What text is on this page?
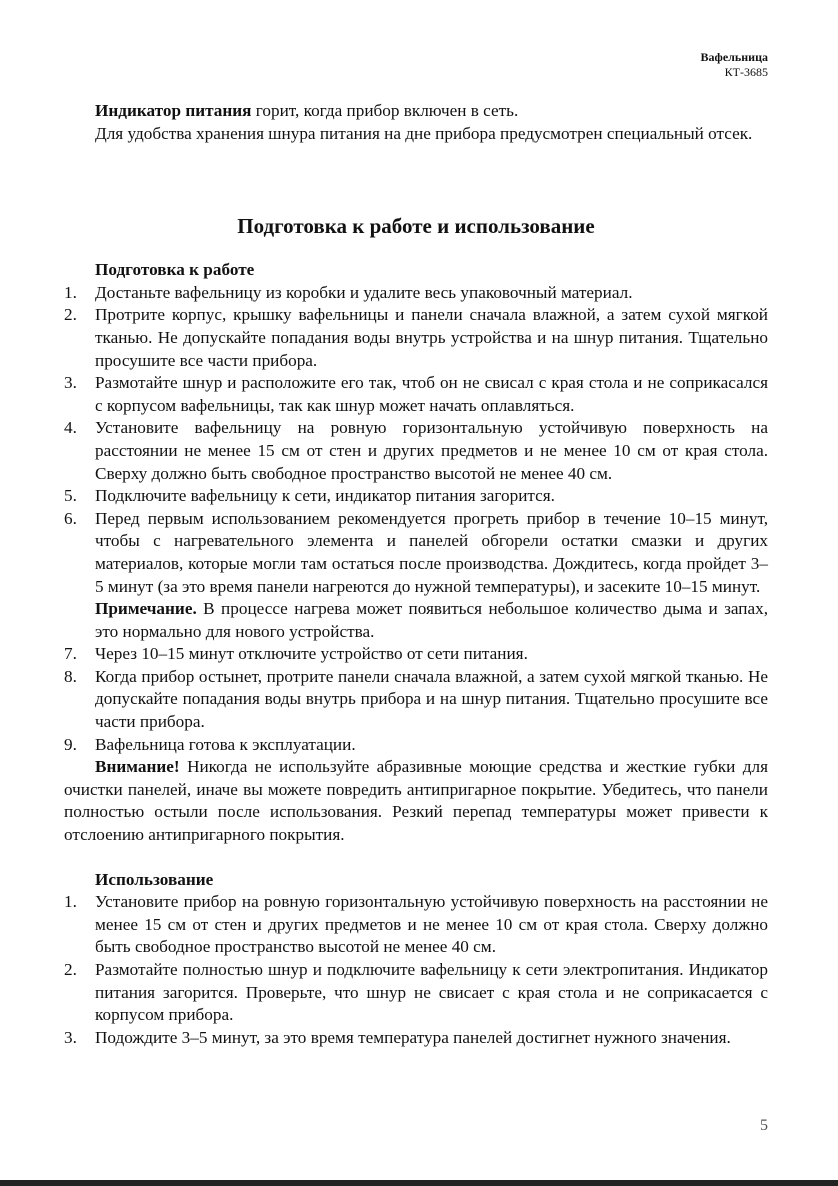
Вафельница
КТ-3685

Индикатор питания горит, когда прибор включен в сеть.

Для удобства хранения шнура питания на дне прибора предусмотрен специальный отсек.

Подготовка к работе и использование
Подготовка к работе
1. Достаньте вафельницу из коробки и удалите весь упаковочный материал.
2. Протрите корпус, крышку вафельницы и панели сначала влажной, а затем сухой мягкой тканью. Не допускайте попадания воды внутрь устройства и на шнур питания. Тщательно просушите все части прибора.
3. Размотайте шнур и расположите его так, чтоб он не свисал с края стола и не соприкасался с корпусом вафельницы, так как шнур может начать оплавляться.
4. Установите вафельницу на ровную горизонтальную устойчивую поверхность на расстоянии не менее 15 см от стен и других предметов и не менее 10 см от края стола. Сверху должно быть свободное пространство высотой не менее 40 см.
5. Подключите вафельницу к сети, индикатор питания загорится.
6. Перед первым использованием рекомендуется прогреть прибор в течение 10–15 минут, чтобы с нагревательного элемента и панелей обгорели остатки смазки и других материалов, которые могли там остаться после производства. Дождитесь, когда пройдет 3–5 минут (за это время панели нагреются до нужной температуры), и засеките 10–15 минут.

Примечание. В процессе нагрева может появиться небольшое количество дыма и запах, это нормально для нового устройства.

7. Через 10–15 минут отключите устройство от сети питания.
8. Когда прибор остынет, протрите панели сначала влажной, а затем сухой мягкой тканью. Не допускайте попадания воды внутрь прибора и на шнур питания. Тщательно просушите все части прибора.
9. Вафельница готова к эксплуатации.

Внимание! Никогда не используйте абразивные моющие средства и жесткие губки для очистки панелей, иначе вы можете повредить антипригарное покрытие. Убедитесь, что панели полностью остыли после использования. Резкий перепад температуры может привести к отслоению антипригарного покрытия.

Использование
1. Установите прибор на ровную горизонтальную устойчивую поверхность на расстоянии не менее 15 см от стен и других предметов и не менее 10 см от края стола. Сверху должно быть свободное пространство высотой не менее 40 см.
2. Размотайте полностью шнур и подключите вафельницу к сети электропитания. Индикатор питания загорится. Проверьте, что шнур не свисает с края стола и не соприкасается с корпусом прибора.
3. Подождите 3–5 минут, за это время температура панелей достигнет нужного значения.
5
